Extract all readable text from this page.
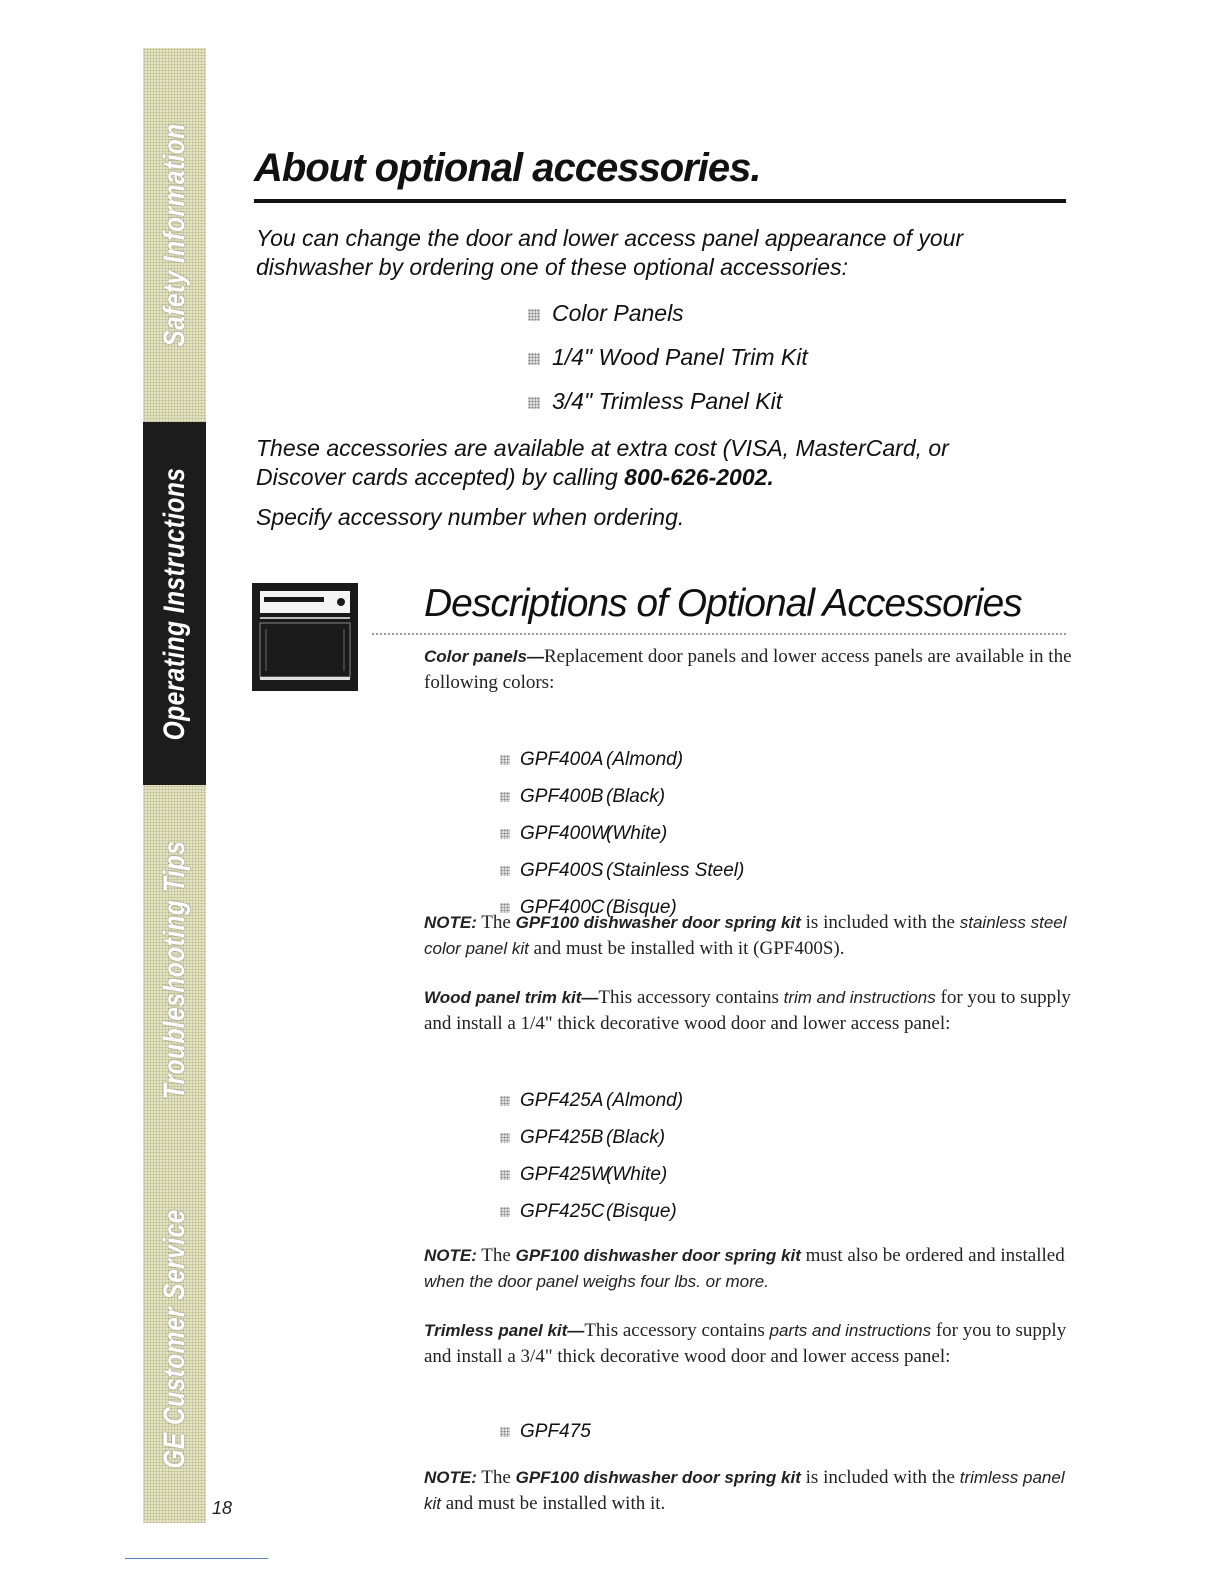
Safety Information
Operating Instructions
Troubleshooting Tips
GE Customer Service
18
About optional accessories.

You can change the door and lower access panel appearance of your dishwasher by ordering one of these optional accessories:

Color Panels
1/4" Wood Panel Trim Kit
3/4" Trimless Panel Kit

These accessories are available at extra cost (VISA, MasterCard, or Discover cards accepted) by calling 800-626-2002.

Specify accessory number when ordering.

Descriptions of Optional Accessories

Color panels—Replacement door panels and lower access panels are available in the following colors:

GPF400A (Almond)
GPF400B (Black)
GPF400W(White)
GPF400S (Stainless Steel)
GPF400C(Bisque)

NOTE: The GPF100 dishwasher door spring kit is included with the stainless steel color panel kit and must be installed with it (GPF400S).

Wood panel trim kit—This accessory contains trim and instructions for you to supply and install a 1/4" thick decorative wood door and lower access panel:

GPF425A (Almond)
GPF425B (Black)
GPF425W(White)
GPF425C(Bisque)

NOTE: The GPF100 dishwasher door spring kit must also be ordered and installed when the door panel weighs four lbs. or more.

Trimless panel kit—This accessory contains parts and instructions for you to supply and install a 3/4" thick decorative wood door and lower access panel:

GPF475

NOTE: The GPF100 dishwasher door spring kit is included with the trimless panel kit and must be installed with it.
